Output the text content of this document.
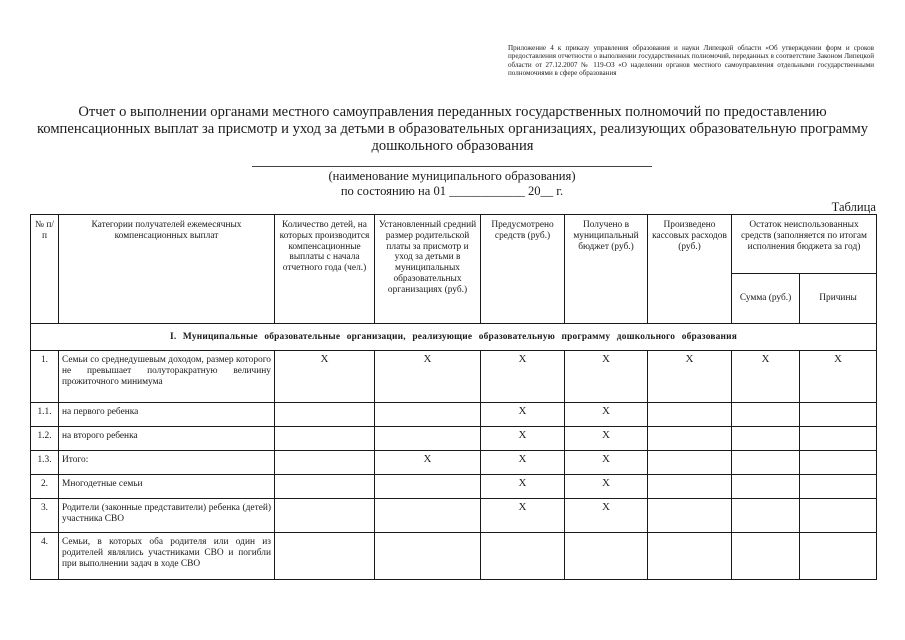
Приложение 4 к приказу управления образования и науки Липецкой области «Об утверждении форм и сроков предоставления отчетности о выполнении государственных полномочий, переданных в соответствие Законом Липецкой области от 27.12.2007 № 119-ОЗ «О наделении органов местного самоуправления отдельными государственными полномочиями в сфере образования
Отчет о выполнении органами местного самоуправления переданных государственных полномочий по предоставлению компенсационных выплат за присмотр и уход за детьми в образовательных организациях, реализующих образовательную программу дошкольного образования
(наименование муниципального образования)
по состоянию на 01 ____________ 20__ г.
Таблица
№ п/п	Категории получателей ежемесячных компенсационных выплат	Количество детей, на которых производится компенсационные выплаты с начала отчетного года (чел.)	Установленный средний размер родительской платы за присмотр и уход за детьми в муниципальных образовательных организациях (руб.)	Предусмотрено средств (руб.)	Получено в муниципальный бюджет (руб.)	Произведено кассовых расходов (руб.)	Остаток неиспользованных средств (заполняется по итогам исполнения бюджета за год)	
							Сумма (руб.)	Причины
I. Муниципальные образовательные организации, реализующие образовательную программу дошкольного образования								
1.	Семьи со среднедушевым доходом, размер которого не превышает полуторакратную величину прожиточного минимума	X	X	X	X	X	X	X
1.1.	на первого ребенка			X	X			
1.2.	на второго ребенка			X	X			
1.3.	Итого:		X	X	X			
2.	Многодетные семьи			X	X			
3.	Родители (законные представители) ребенка (детей) участника СВО			X	X			
4.	Семьи, в которых оба родителя или один из родителей являлись участниками СВО и погибли при выполнении задач в ходе СВО							
